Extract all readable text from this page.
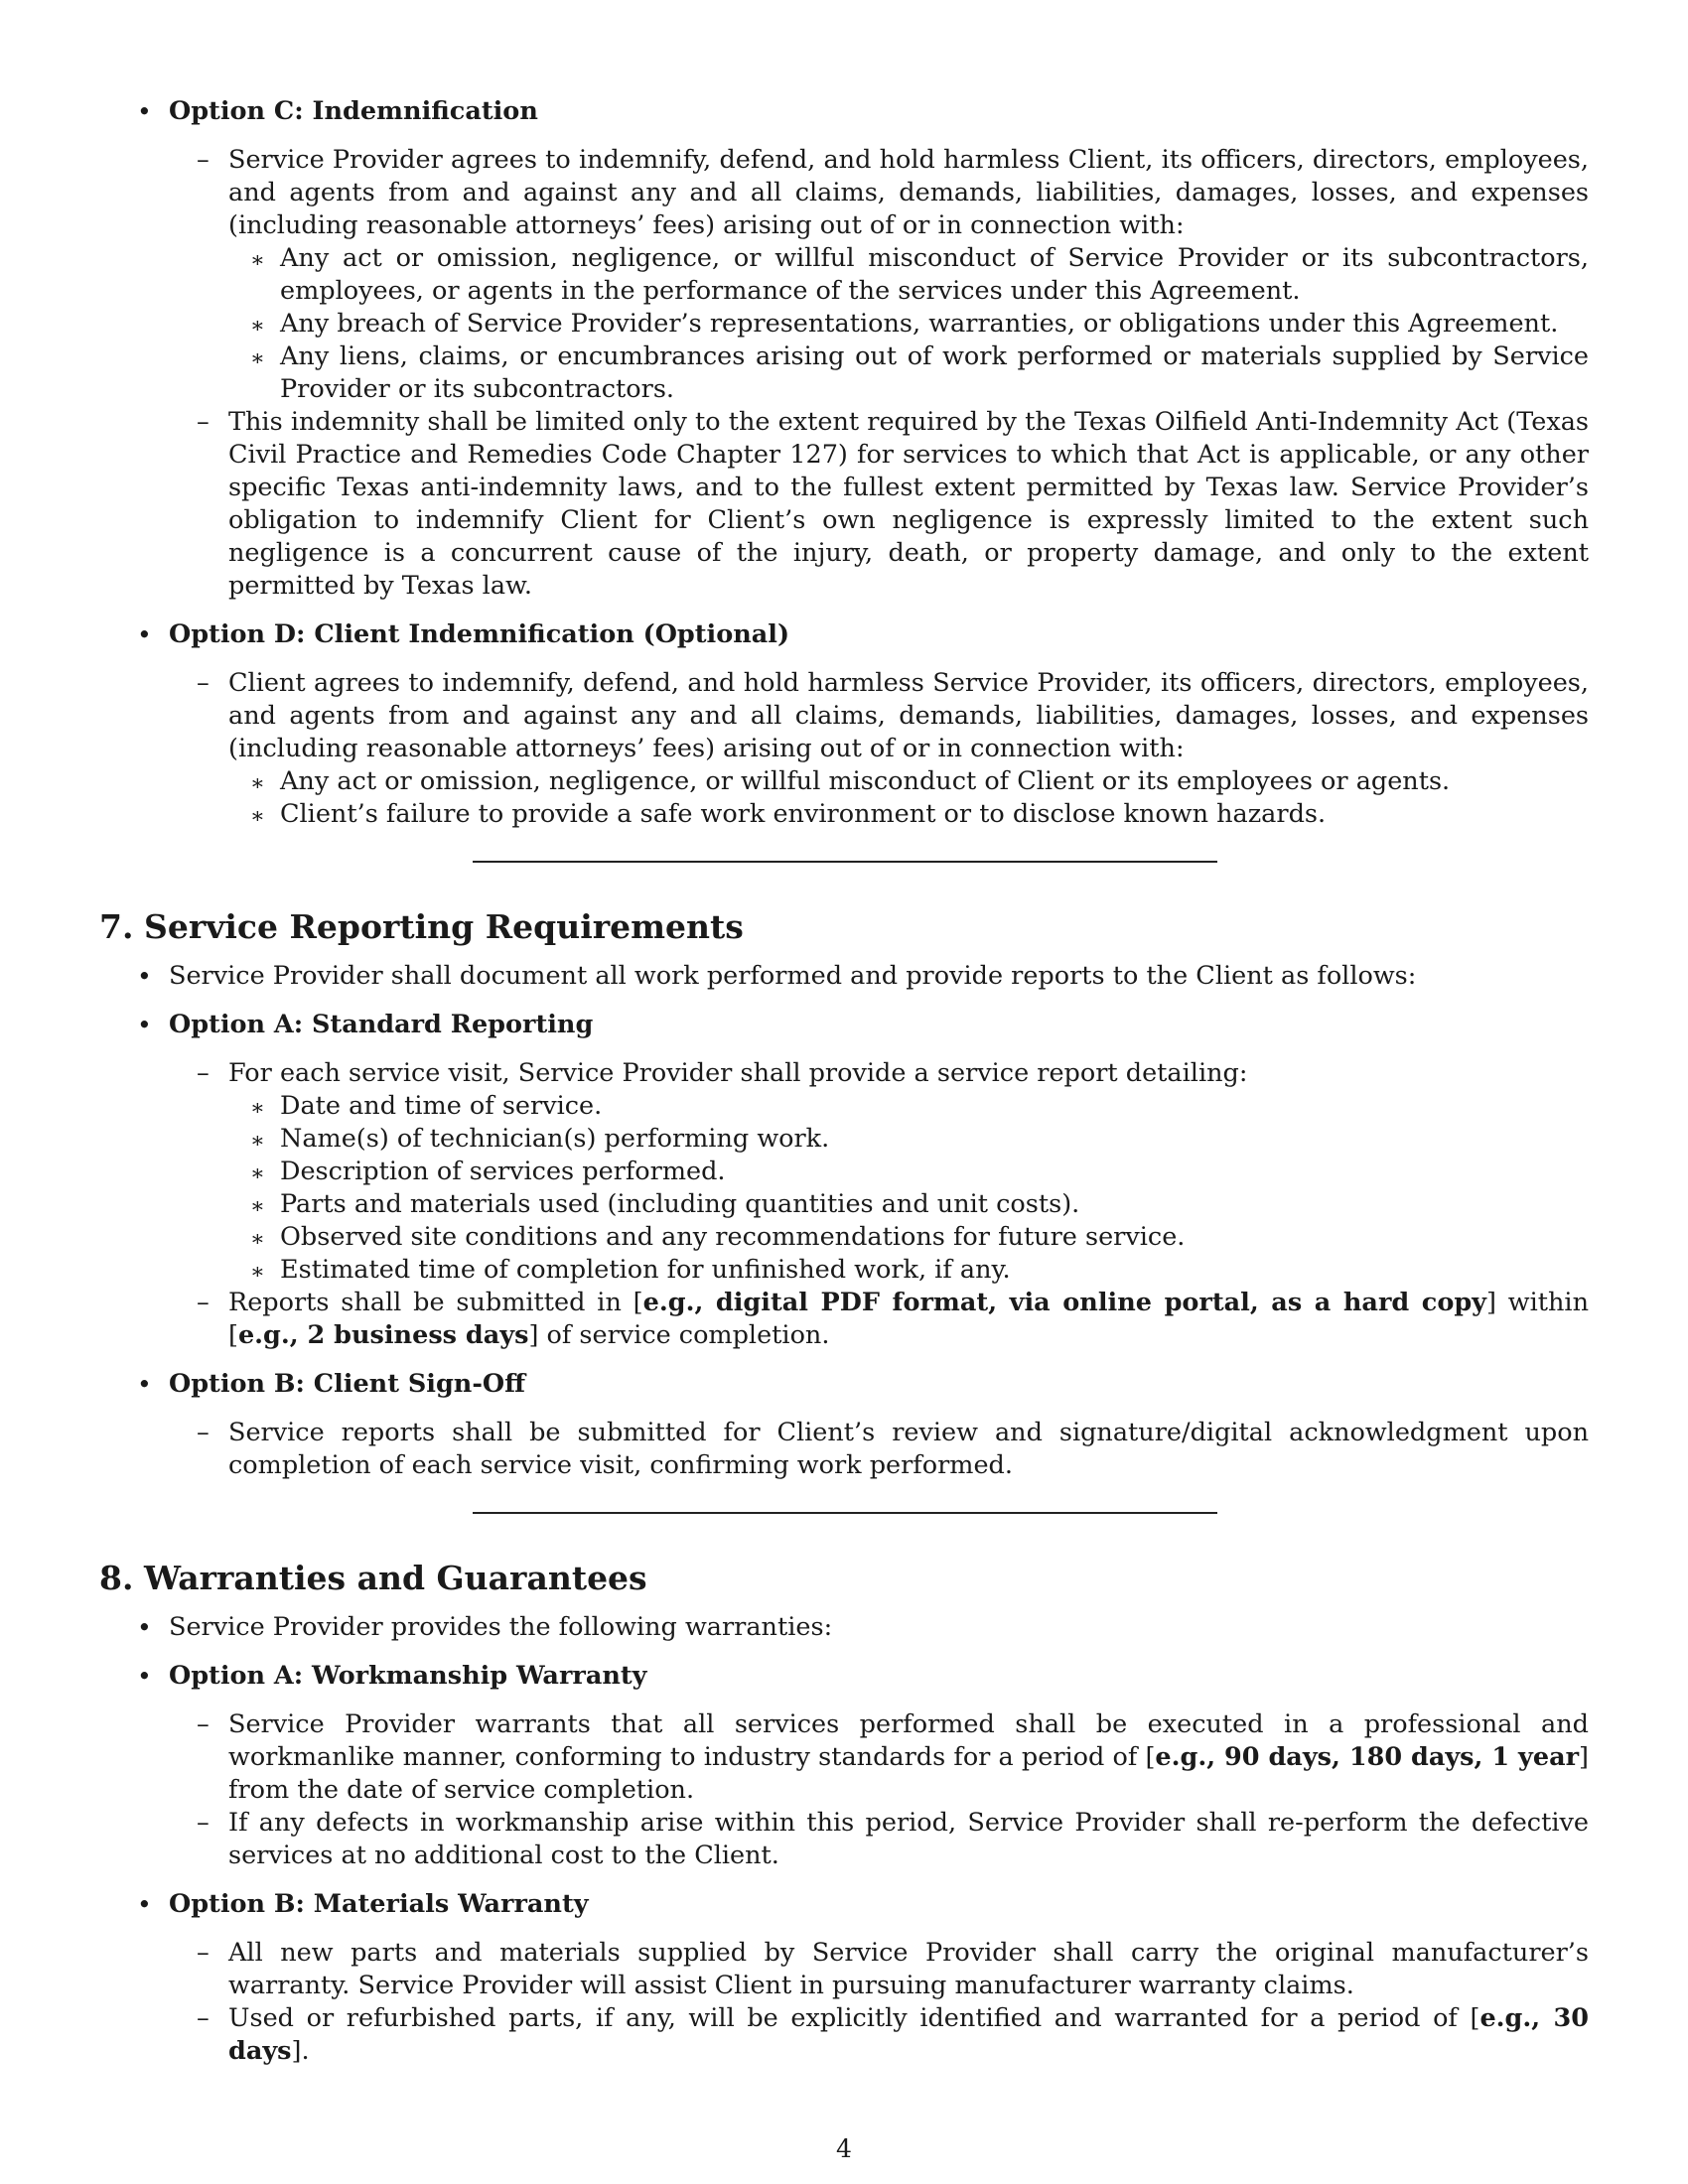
• Option C: Indemnification
– Service Provider agrees to indemnify, defend, and hold harmless Client, its officers, directors, employees, and agents from and against any and all claims, demands, liabilities, damages, losses, and expenses (including reasonable attorneys’ fees) arising out of or in connection with:
∗ Any act or omission, negligence, or willful misconduct of Service Provider or its subcontractors, employees, or agents in the performance of the services under this Agreement.
∗ Any breach of Service Provider’s representations, warranties, or obligations under this Agreement.
∗ Any liens, claims, or encumbrances arising out of work performed or materials supplied by Service Provider or its subcontractors.
– This indemnity shall be limited only to the extent required by the Texas Oilfield Anti-Indemnity Act (Texas Civil Practice and Remedies Code Chapter 127) for services to which that Act is applicable, or any other specific Texas anti-indemnity laws, and to the fullest extent permitted by Texas law. Service Provider’s obligation to indemnify Client for Client’s own negligence is expressly limited to the extent such negligence is a concurrent cause of the injury, death, or property damage, and only to the extent permitted by Texas law.
• Option D: Client Indemnification (Optional)
– Client agrees to indemnify, defend, and hold harmless Service Provider, its officers, directors, employees, and agents from and against any and all claims, demands, liabilities, damages, losses, and expenses (including reasonable attorneys’ fees) arising out of or in connection with:
∗ Any act or omission, negligence, or willful misconduct of Client or its employees or agents.
∗ Client’s failure to provide a safe work environment or to disclose known hazards.
7. Service Reporting Requirements
• Service Provider shall document all work performed and provide reports to the Client as follows:
• Option A: Standard Reporting
– For each service visit, Service Provider shall provide a service report detailing:
∗ Date and time of service.
∗ Name(s) of technician(s) performing work.
∗ Description of services performed.
∗ Parts and materials used (including quantities and unit costs).
∗ Observed site conditions and any recommendations for future service.
∗ Estimated time of completion for unfinished work, if any.
– Reports shall be submitted in [e.g., digital PDF format, via online portal, as a hard copy] within [e.g., 2 business days] of service completion.
• Option B: Client Sign-Off
– Service reports shall be submitted for Client’s review and signature/digital acknowledgment upon completion of each service visit, confirming work performed.
8. Warranties and Guarantees
• Service Provider provides the following warranties:
• Option A: Workmanship Warranty
– Service Provider warrants that all services performed shall be executed in a professional and workmanlike manner, conforming to industry standards for a period of [e.g., 90 days, 180 days, 1 year] from the date of service completion.
– If any defects in workmanship arise within this period, Service Provider shall re-perform the defective services at no additional cost to the Client.
• Option B: Materials Warranty
– All new parts and materials supplied by Service Provider shall carry the original manufacturer’s warranty. Service Provider will assist Client in pursuing manufacturer warranty claims.
– Used or refurbished parts, if any, will be explicitly identified and warranted for a period of [e.g., 30 days].
4
